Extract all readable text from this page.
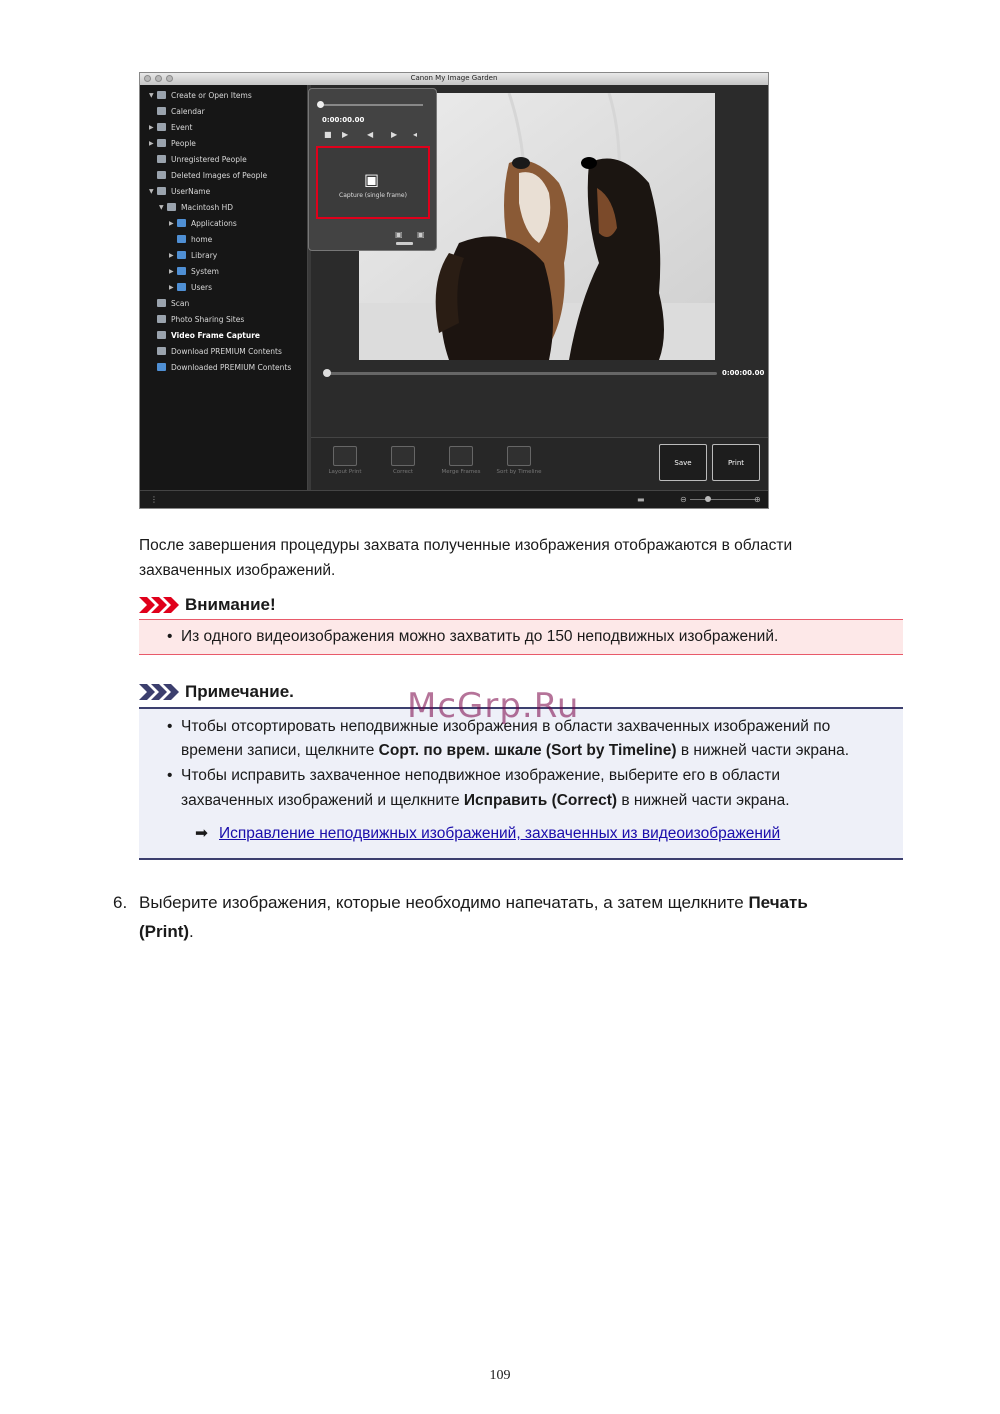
Canon My Image Garden
▼	Create or Open Items
Calendar
▶	Event
▶	People
Unregistered People
Deleted Images of People
▼	UserName
▼	Macintosh HD
▶	Applications
home
▶	Library
▶	System
▶	Users
Scan
Photo Sharing Sites
Video Frame Capture
Download PREMIUM Contents
Downloaded PREMIUM Contents
0:00:00.00
0:00:00.00
■ ▶ ◀ ▶ ◂
▣
Capture (single frame)
▣ ▣
Layout Print	Correct	Merge Frames	Sort by Timeline
Save	Print
⋮	▬	⊖	⊕
После завершения процедуры захвата полученные изображения отображаются в области
захваченных изображений.
Внимание!
• Из одного видеоизображения можно захватить до 150 неподвижных изображений.
Примечание.
• Чтобы отсортировать неподвижные изображения в области захваченных изображений по
времени записи, щелкните Сорт. по врем. шкале (Sort by Timeline) в нижней части экрана.
• Чтобы исправить захваченное неподвижное изображение, выберите его в области
захваченных изображений и щелкните Исправить (Correct) в нижней части экрана.
➡ Исправление неподвижных изображений, захваченных из видеоизображений
McGrp.Ru
6. Выберите изображения, которые необходимо напечатать, а затем щелкните Печать
(Print).
109
